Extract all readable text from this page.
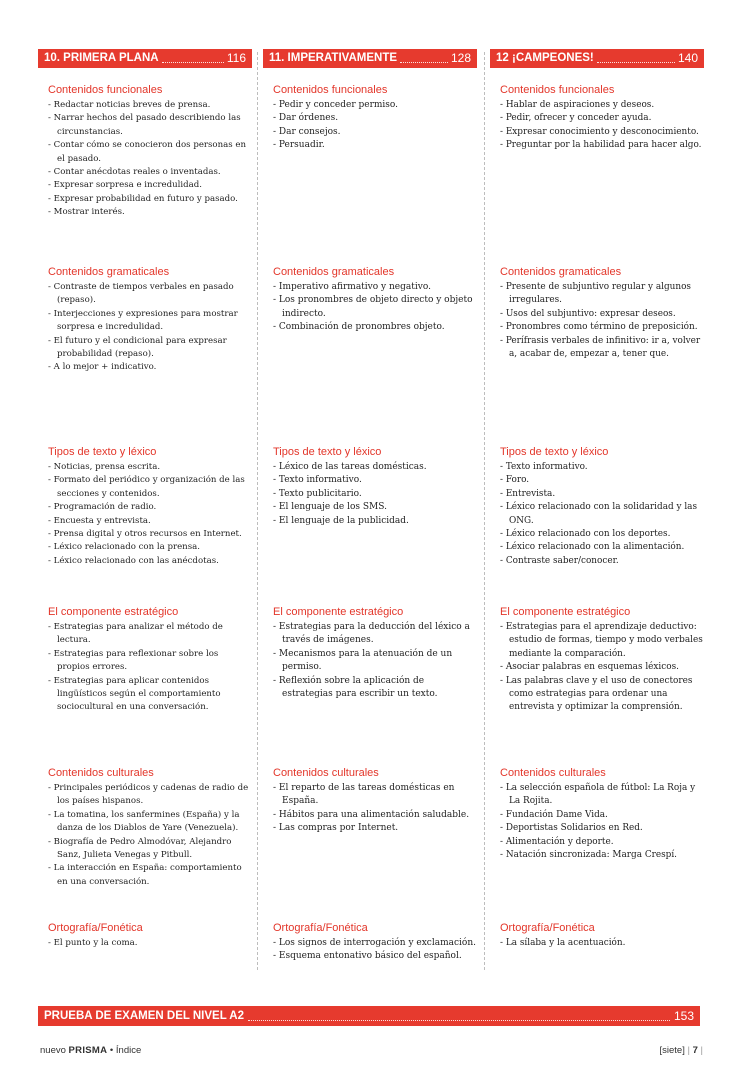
10. PRIMERA PLANA	116
Contenidos funcionales
- Redactar noticias breves de prensa.
- Narrar hechos del pasado describiendo las circunstancias.
- Contar cómo se conocieron dos personas en el pasado.
- Contar anécdotas reales o inventadas.
- Expresar sorpresa e incredulidad.
- Expresar probabilidad en futuro y pasado.
- Mostrar interés.
Contenidos gramaticales
- Contraste de tiempos verbales en pasado (repaso).
- Interjecciones y expresiones para mostrar sorpresa e incredulidad.
- El futuro y el condicional para expresar probabilidad (repaso).
- A lo mejor + indicativo.
Tipos de texto y léxico
- Noticias, prensa escrita.
- Formato del periódico y organización de las secciones y contenidos.
- Programación de radio.
- Encuesta y entrevista.
- Prensa digital y otros recursos en Internet.
- Léxico relacionado con la prensa.
- Léxico relacionado con las anécdotas.
El componente estratégico
- Estrategias para analizar el método de lectura.
- Estrategias para reflexionar sobre los propios errores.
- Estrategias para aplicar contenidos lingüísticos según el comportamiento sociocultural en una conversación.
Contenidos culturales
- Principales periódicos y cadenas de radio de los países hispanos.
- La tomatina, los sanfermines (España) y la danza de los Diablos de Yare (Venezuela).
- Biografía de Pedro Almodóvar, Alejandro Sanz, Julieta Venegas y Pitbull.
- La interacción en España: comportamiento en una conversación.
Ortografía/Fonética
- El punto y la coma.
11. IMPERATIVAMENTE	128
Contenidos funcionales
- Pedir y conceder permiso.
- Dar órdenes.
- Dar consejos.
- Persuadir.
Contenidos gramaticales
- Imperativo afirmativo y negativo.
- Los pronombres de objeto directo y objeto indirecto.
- Combinación de pronombres objeto.
Tipos de texto y léxico
- Léxico de las tareas domésticas.
- Texto informativo.
- Texto publicitario.
- El lenguaje de los SMS.
- El lenguaje de la publicidad.
El componente estratégico
- Estrategias para la deducción del léxico a través de imágenes.
- Mecanismos para la atenuación de un permiso.
- Reflexión sobre la aplicación de estrategias para escribir un texto.
Contenidos culturales
- El reparto de las tareas domésticas en España.
- Hábitos para una alimentación saludable.
- Las compras por Internet.
Ortografía/Fonética
- Los signos de interrogación y exclamación.
- Esquema entonativo básico del español.
12 ¡CAMPEONES!	140
Contenidos funcionales
- Hablar de aspiraciones y deseos.
- Pedir, ofrecer y conceder ayuda.
- Expresar conocimiento y desconocimiento.
- Preguntar por la habilidad para hacer algo.
Contenidos gramaticales
- Presente de subjuntivo regular y algunos irregulares.
- Usos del subjuntivo: expresar deseos.
- Pronombres como término de preposición.
- Perífrasis verbales de infinitivo: ir a, volver a, acabar de, empezar a, tener que.
Tipos de texto y léxico
- Texto informativo.
- Foro.
- Entrevista.
- Léxico relacionado con la solidaridad y las ONG.
- Léxico relacionado con los deportes.
- Léxico relacionado con la alimentación.
- Contraste saber/conocer.
El componente estratégico
- Estrategias para el aprendizaje deductivo: estudio de formas, tiempo y modo verbales mediante la comparación.
- Asociar palabras en esquemas léxicos.
- Las palabras clave y el uso de conectores como estrategias para ordenar una entrevista y optimizar la comprensión.
Contenidos culturales
- La selección española de fútbol: La Roja y La Rojita.
- Fundación Dame Vida.
- Deportistas Solidarios en Red.
- Alimentación y deporte.
- Natación sincronizada: Marga Crespí.
Ortografía/Fonética
- La sílaba y la acentuación.
PRUEBA DE EXAMEN DEL NIVEL A2	153
nuevo PRISMA • Índice	[siete] | 7 |
